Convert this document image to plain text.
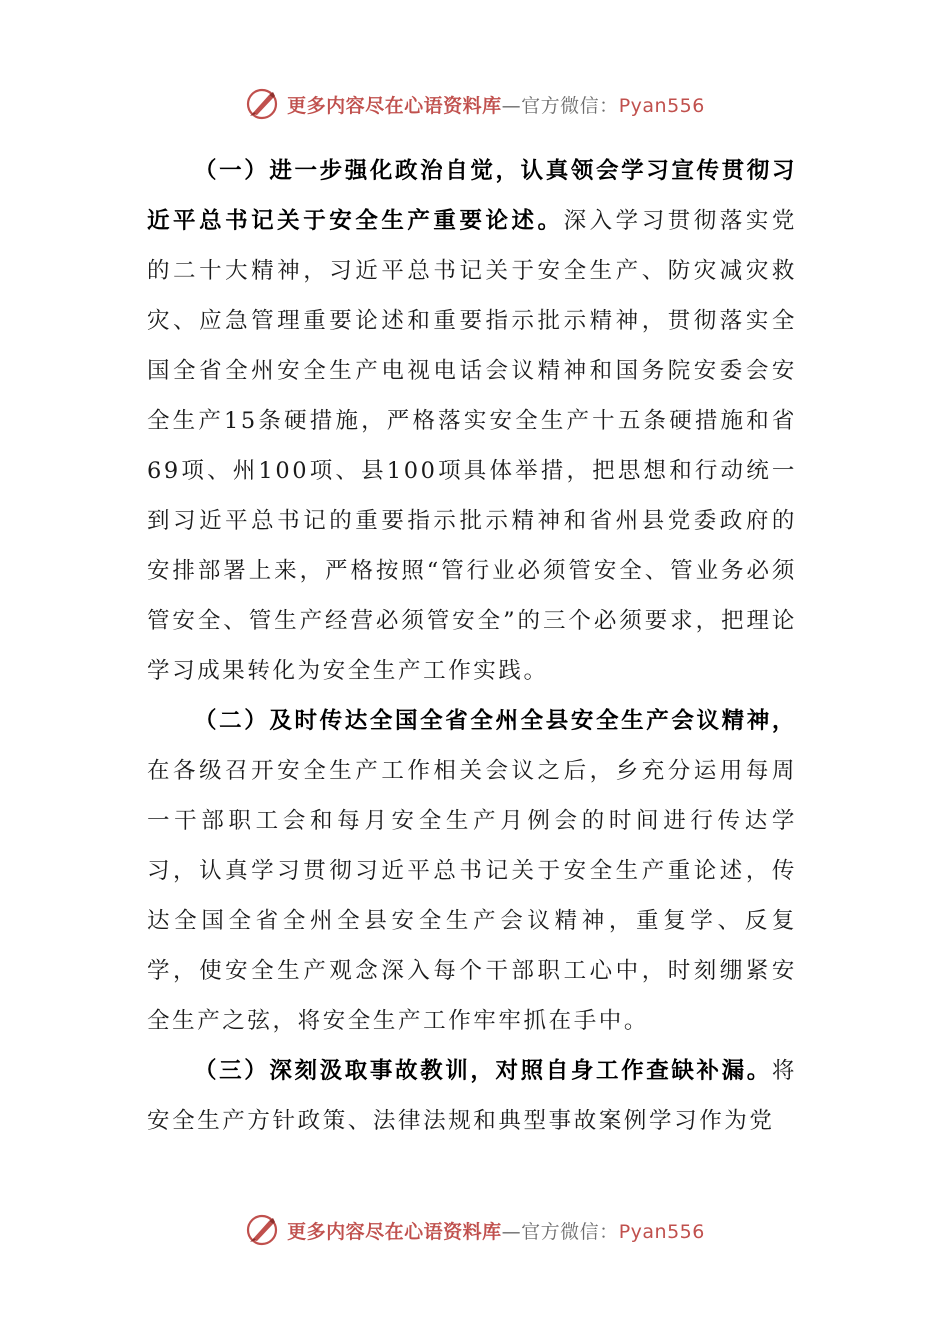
更多内容尽在心语资料库—官方微信：Pyan556

（一）进一步强化政治自觉，认真领会学习宣传贯彻习近平总书记关于安全生产重要论述。深入学习贯彻落实党的二十大精神，习近平总书记关于安全生产、防灾减灾救灾、应急管理重要论述和重要指示批示精神，贯彻落实全国全省全州安全生产电视电话会议精神和国务院安委会安全生产15条硬措施，严格落实安全生产十五条硬措施和省69项、州100项、县100项具体举措，把思想和行动统一到习近平总书记的重要指示批示精神和省州县党委政府的安排部署上来，严格按照“管行业必须管安全、管业务必须管安全、管生产经营必须管安全”的三个必须要求，把理论学习成果转化为安全生产工作实践。

（二）及时传达全国全省全州全县安全生产会议精神，在各级召开安全生产工作相关会议之后，乡充分运用每周一干部职工会和每月安全生产月例会的时间进行传达学习，认真学习贯彻习近平总书记关于安全生产重论述，传达全国全省全州全县安全生产会议精神，重复学、反复学，使安全生产观念深入每个干部职工心中，时刻绷紧安全生产之弦，将安全生产工作牢牢抓在手中。

（三）深刻汲取事故教训，对照自身工作查缺补漏。将安全生产方针政策、法律法规和典型事故案例学习作为党

更多内容尽在心语资料库—官方微信：Pyan556
